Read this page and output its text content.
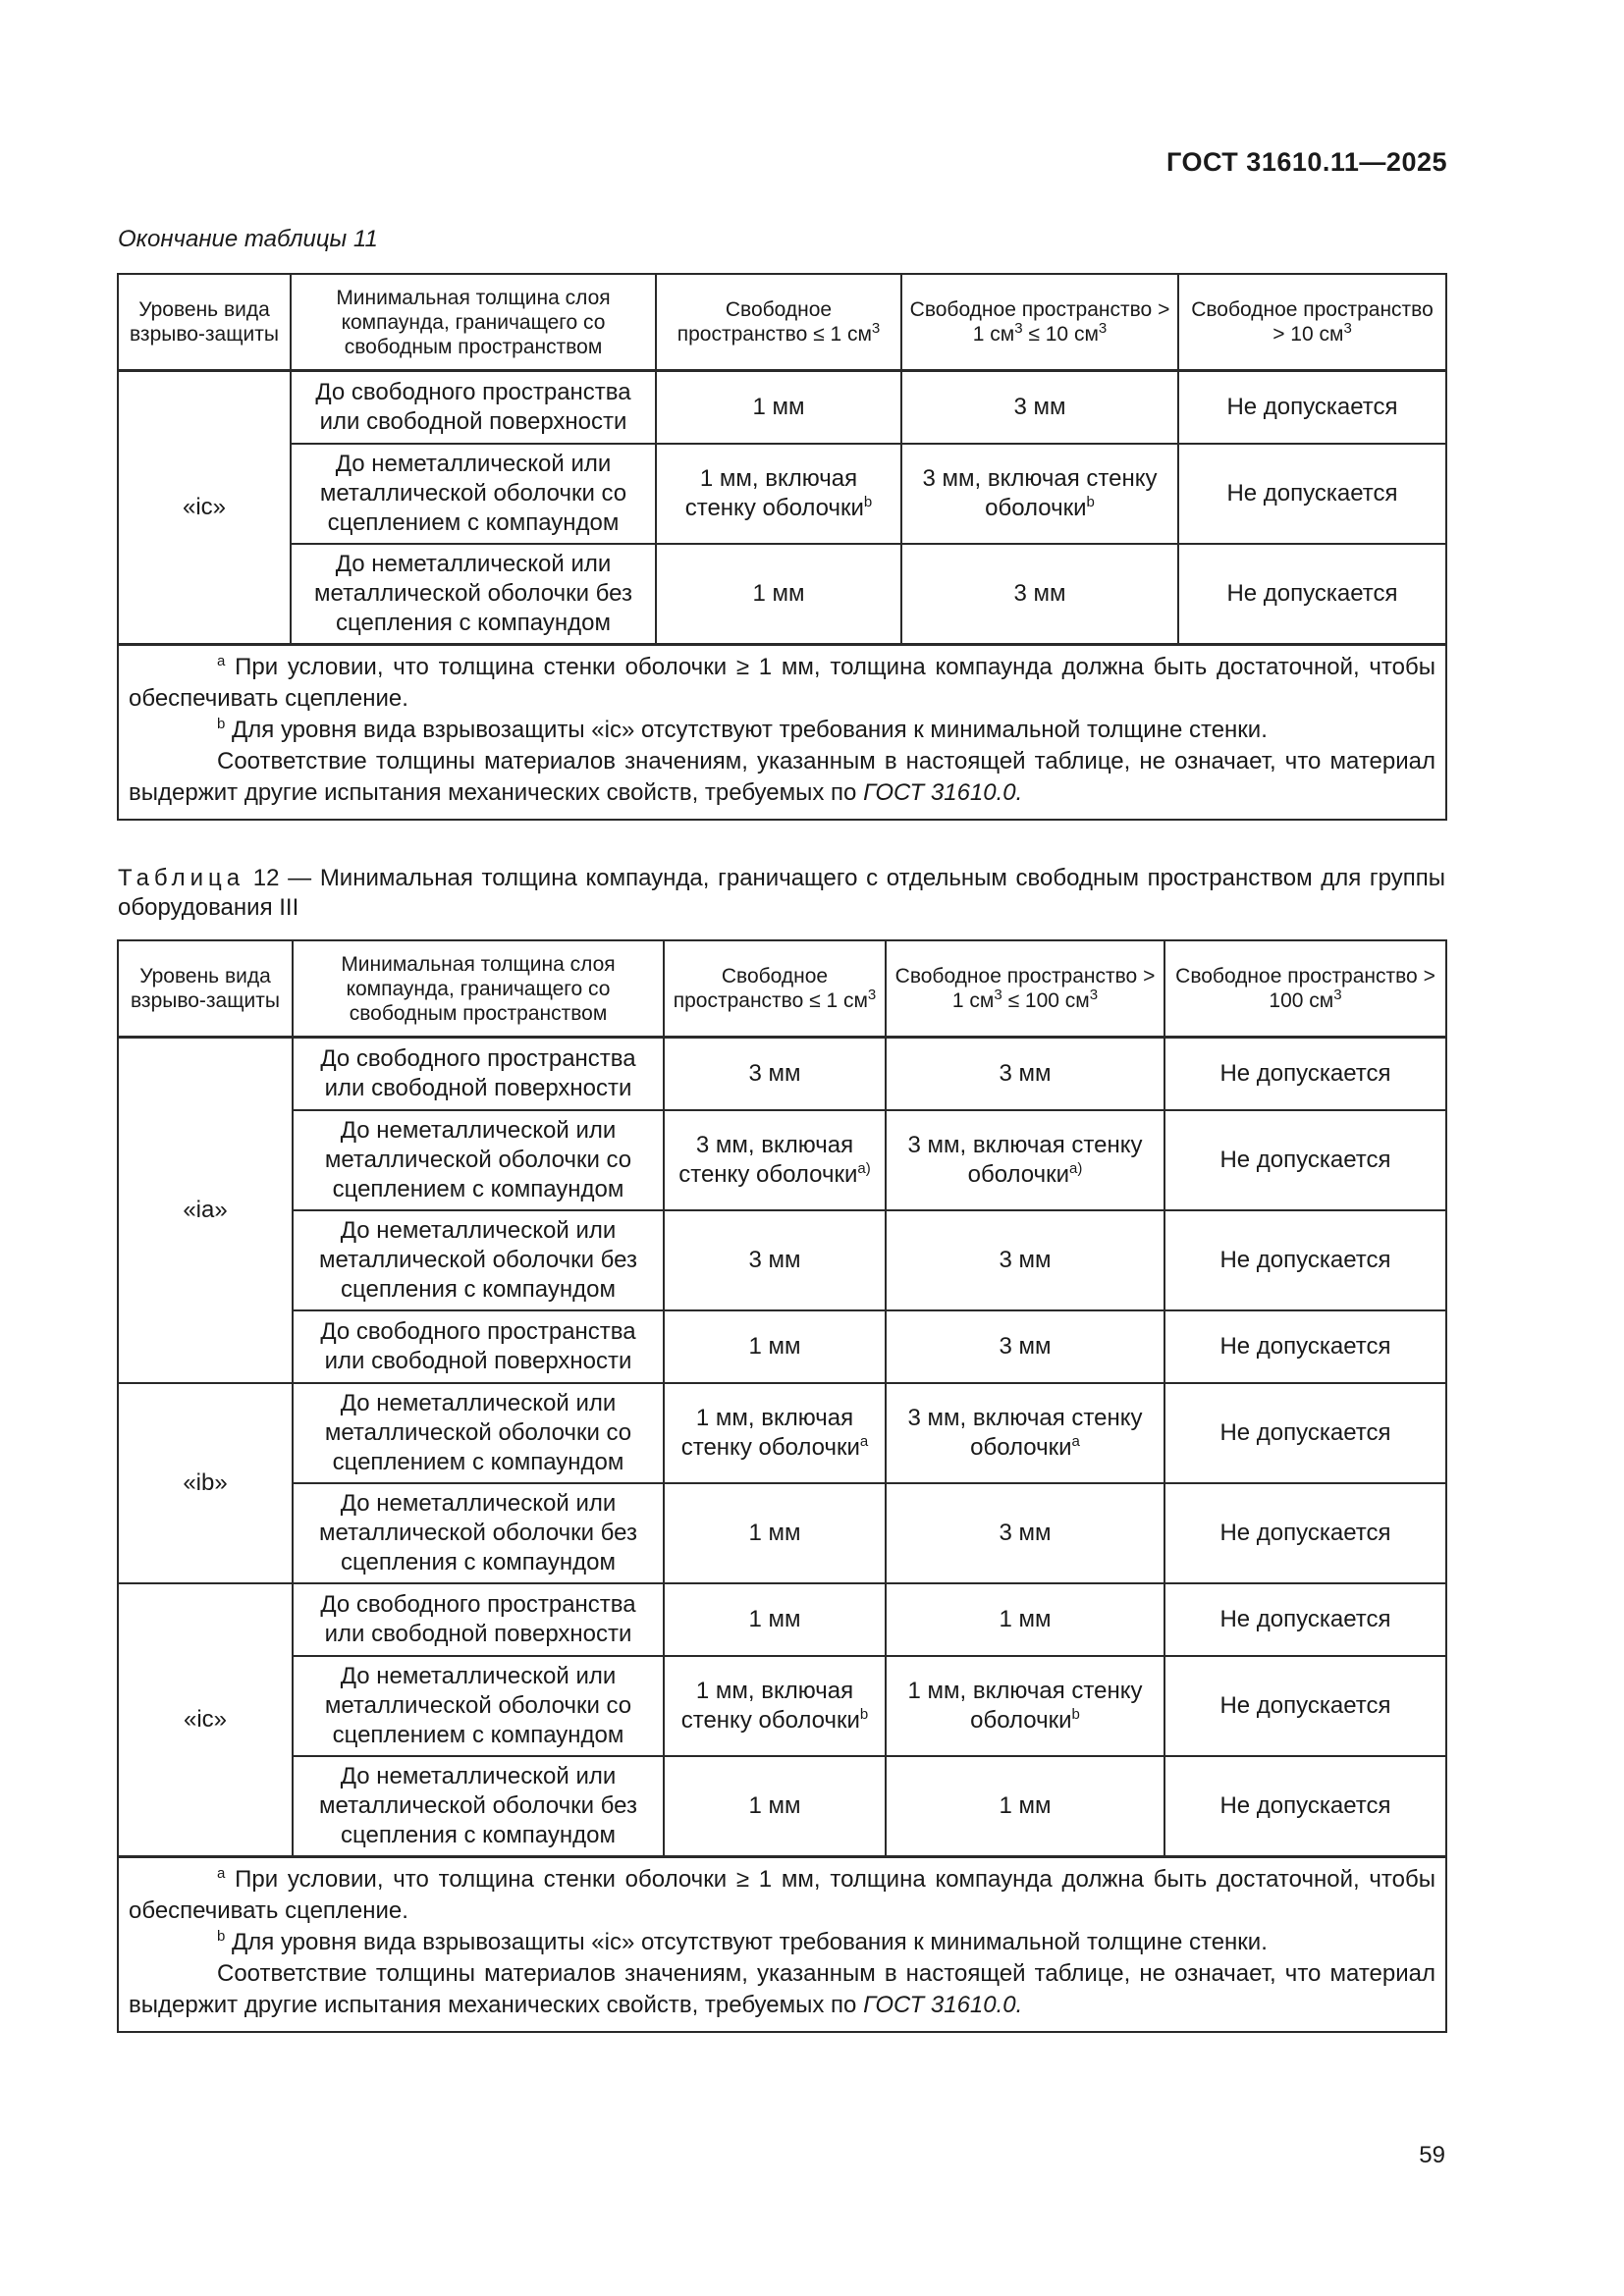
ГОСТ 31610.11—2025
Окончание таблицы 11
Уровень вида взрыво-защиты	Минимальная толщина слоя компаунда, граничащего со свободным пространством	Свободное пространство ≤ 1 $см^3$	Свободное пространство > 1 $см^3 \le 10$ $см^3$	Свободное пространство > 10 $см^3$
«ic»	До свободного пространства или свободной поверхности	1 мм	3 мм	Не допускается
	До неметаллической или металлической оболочки со сцеплением с компаундом	1 мм, включая стенку оболочки$^b$	3 мм, включая стенку оболочки$^b$	Не допускается
	До неметаллической или металлической оболочки без сцепления с компаундом	1 мм	3 мм	Не допускается

$^a$ При условии, что толщина стенки оболочки ≥ 1 мм, толщина компаунда должна быть достаточной, чтобы обеспечивать сцепление.

$^b$ Для уровня вида взрывозащиты «ic» отсутствуют требования к минимальной толщине стенки.

Соответствие толщины материалов значениям, указанным в настоящей таблице, не означает, что материал выдержит другие испытания механических свойств, требуемых по ГОСТ 31610.0.				

Таблица 12 — Минимальная толщина компаунда, граничащего с отдельным свободным пространством для группы оборудования III
Уровень вида взрыво-защиты	Минимальная толщина слоя компаунда, граничащего со свободным пространством	Свободное пространство ≤ 1 $см^3$	Свободное пространство > 1 $см^3 \le 100$ $см^3$	Свободное пространство > 100 $см^3$
«ia»	До свободного пространства или свободной поверхности	3 мм	3 мм	Не допускается
	До неметаллической или металлической оболочки со сцеплением с компаундом	3 мм, включая стенку оболочки$^{a)}$	3 мм, включая стенку оболочки$^{a)}$	Не допускается
	До неметаллической или металлической оболочки без сцепления с компаундом	3 мм	3 мм	Не допускается
	До свободного пространства или свободной поверхности	1 мм	3 мм	Не допускается
«ib»	До неметаллической или металлической оболочки со сцеплением с компаундом	1 мм, включая стенку оболочки$^a$	3 мм, включая стенку оболочки$^a$	Не допускается
	До неметаллической или металлической оболочки без сцепления с компаундом	1 мм	3 мм	Не допускается
«ic»	До свободного пространства или свободной поверхности	1 мм	1 мм	Не допускается
	До неметаллической или металлической оболочки со сцеплением с компаундом	1 мм, включая стенку оболочки$^b$	1 мм, включая стенку оболочки$^b$	Не допускается
	До неметаллической или металлической оболочки без сцепления с компаундом	1 мм	1 мм	Не допускается

$^a$ При условии, что толщина стенки оболочки ≥ 1 мм, толщина компаунда должна быть достаточной, чтобы обеспечивать сцепление.

$^b$ Для уровня вида взрывозащиты «ic» отсутствуют требования к минимальной толщине стенки.

Соответствие толщины материалов значениям, указанным в настоящей таблице, не означает, что материал выдержит другие испытания механических свойств, требуемых по ГОСТ 31610.0.				

59
